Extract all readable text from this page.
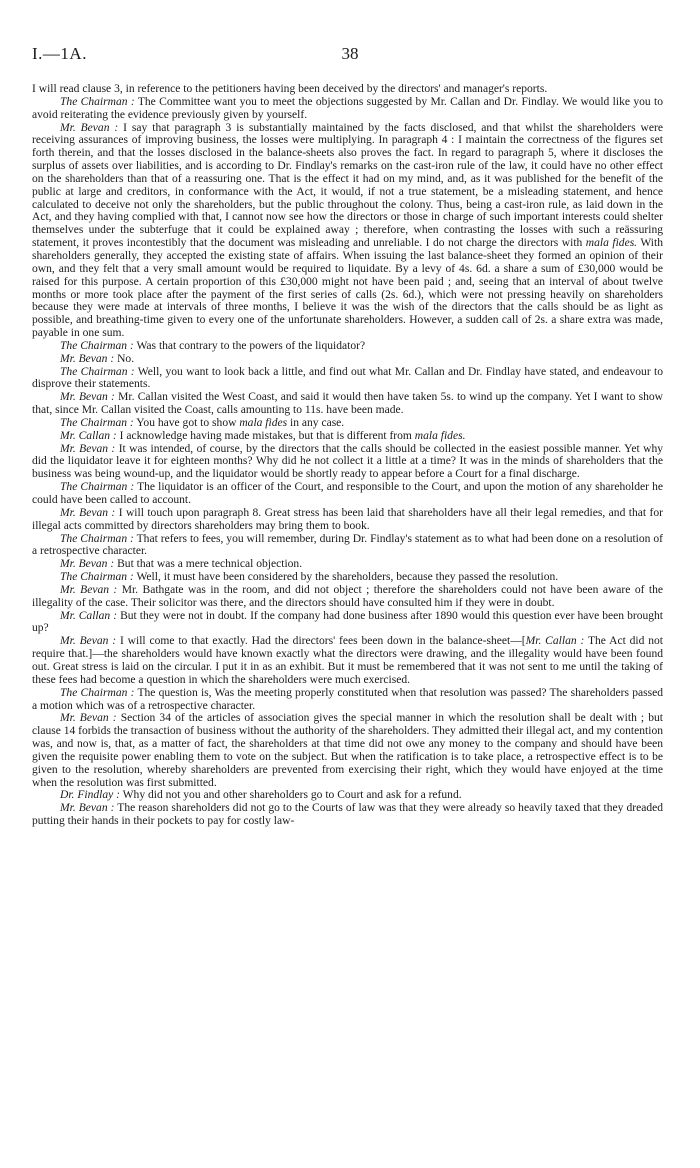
I.—1A.	38

I will read clause 3, in reference to the petitioners having been deceived by the directors' and manager's reports.

The Chairman : The Committee want you to meet the objections suggested by Mr. Callan and Dr. Findlay. We would like you to avoid reiterating the evidence previously given by yourself.

Mr. Bevan : I say that paragraph 3 is substantially maintained by the facts disclosed, and that whilst the shareholders were receiving assurances of improving business, the losses were multiplying. In paragraph 4 : I maintain the correctness of the figures set forth therein, and that the losses disclosed in the balance-sheets also proves the fact. In regard to paragraph 5, where it discloses the surplus of assets over liabilities, and is according to Dr. Findlay's remarks on the cast-iron rule of the law, it could have no other effect on the shareholders than that of a reassuring one. That is the effect it had on my mind, and, as it was published for the benefit of the public at large and creditors, in conformance with the Act, it would, if not a true statement, be a misleading statement, and hence calculated to deceive not only the shareholders, but the public throughout the colony. Thus, being a cast-iron rule, as laid down in the Act, and they having complied with that, I cannot now see how the directors or those in charge of such important interests could shelter themselves under the subterfuge that it could be explained away ; therefore, when contrasting the losses with such a reässuring statement, it proves incontestibly that the document was misleading and unreliable. I do not charge the directors with mala fides. With shareholders generally, they accepted the existing state of affairs. When issuing the last balance-sheet they formed an opinion of their own, and they felt that a very small amount would be required to liquidate. By a levy of 4s. 6d. a share a sum of £30,000 would be raised for this purpose. A certain proportion of this £30,000 might not have been paid ; and, seeing that an interval of about twelve months or more took place after the payment of the first series of calls (2s. 6d.), which were not pressing heavily on shareholders because they were made at intervals of three months, I believe it was the wish of the directors that the calls should be as light as possible, and breathing-time given to every one of the unfortunate shareholders. However, a sudden call of 2s. a share extra was made, payable in one sum.

The Chairman : Was that contrary to the powers of the liquidator?

Mr. Bevan : No.

The Chairman : Well, you want to look back a little, and find out what Mr. Callan and Dr. Findlay have stated, and endeavour to disprove their statements.

Mr. Bevan : Mr. Callan visited the West Coast, and said it would then have taken 5s. to wind up the company. Yet I want to show that, since Mr. Callan visited the Coast, calls amounting to 11s. have been made.

The Chairman : You have got to show mala fides in any case.

Mr. Callan : I acknowledge having made mistakes, but that is different from mala fides.

Mr. Bevan : It was intended, of course, by the directors that the calls should be collected in the easiest possible manner. Yet why did the liquidator leave it for eighteen months? Why did he not collect it a little at a time? It was in the minds of shareholders that the business was being wound-up, and the liquidator would be shortly ready to appear before a Court for a final discharge.

The Chairman : The liquidator is an officer of the Court, and responsible to the Court, and upon the motion of any shareholder he could have been called to account.

Mr. Bevan : I will touch upon paragraph 8. Great stress has been laid that shareholders have all their legal remedies, and that for illegal acts committed by directors shareholders may bring them to book.

The Chairman : That refers to fees, you will remember, during Dr. Findlay's statement as to what had been done on a resolution of a retrospective character.

Mr. Bevan : But that was a mere technical objection.

The Chairman : Well, it must have been considered by the shareholders, because they passed the resolution.

Mr. Bevan : Mr. Bathgate was in the room, and did not object ; therefore the shareholders could not have been aware of the illegality of the case. Their solicitor was there, and the directors should have consulted him if they were in doubt.

Mr. Callan : But they were not in doubt. If the company had done business after 1890 would this question ever have been brought up?

Mr. Bevan : I will come to that exactly. Had the directors' fees been down in the balance-sheet—[Mr. Callan : The Act did not require that.]—the shareholders would have known exactly what the directors were drawing, and the illegality would have been found out. Great stress is laid on the circular. I put it in as an exhibit. But it must be remembered that it was not sent to me until the taking of these fees had become a question in which the shareholders were much exercised.

The Chairman : The question is, Was the meeting properly constituted when that resolution was passed? The shareholders passed a motion which was of a retrospective character.

Mr. Bevan : Section 34 of the articles of association gives the special manner in which the resolution shall be dealt with ; but clause 14 forbids the transaction of business without the authority of the shareholders. They admitted their illegal act, and my contention was, and now is, that, as a matter of fact, the shareholders at that time did not owe any money to the company and should have been given the requisite power enabling them to vote on the subject. But when the ratification is to take place, a retrospective effect is to be given to the resolution, whereby shareholders are prevented from exercising their right, which they would have enjoyed at the time when the resolution was first submitted.

Dr. Findlay : Why did not you and other shareholders go to Court and ask for a refund.

Mr. Bevan : The reason shareholders did not go to the Courts of law was that they were already so heavily taxed that they dreaded putting their hands in their pockets to pay for costly law-
